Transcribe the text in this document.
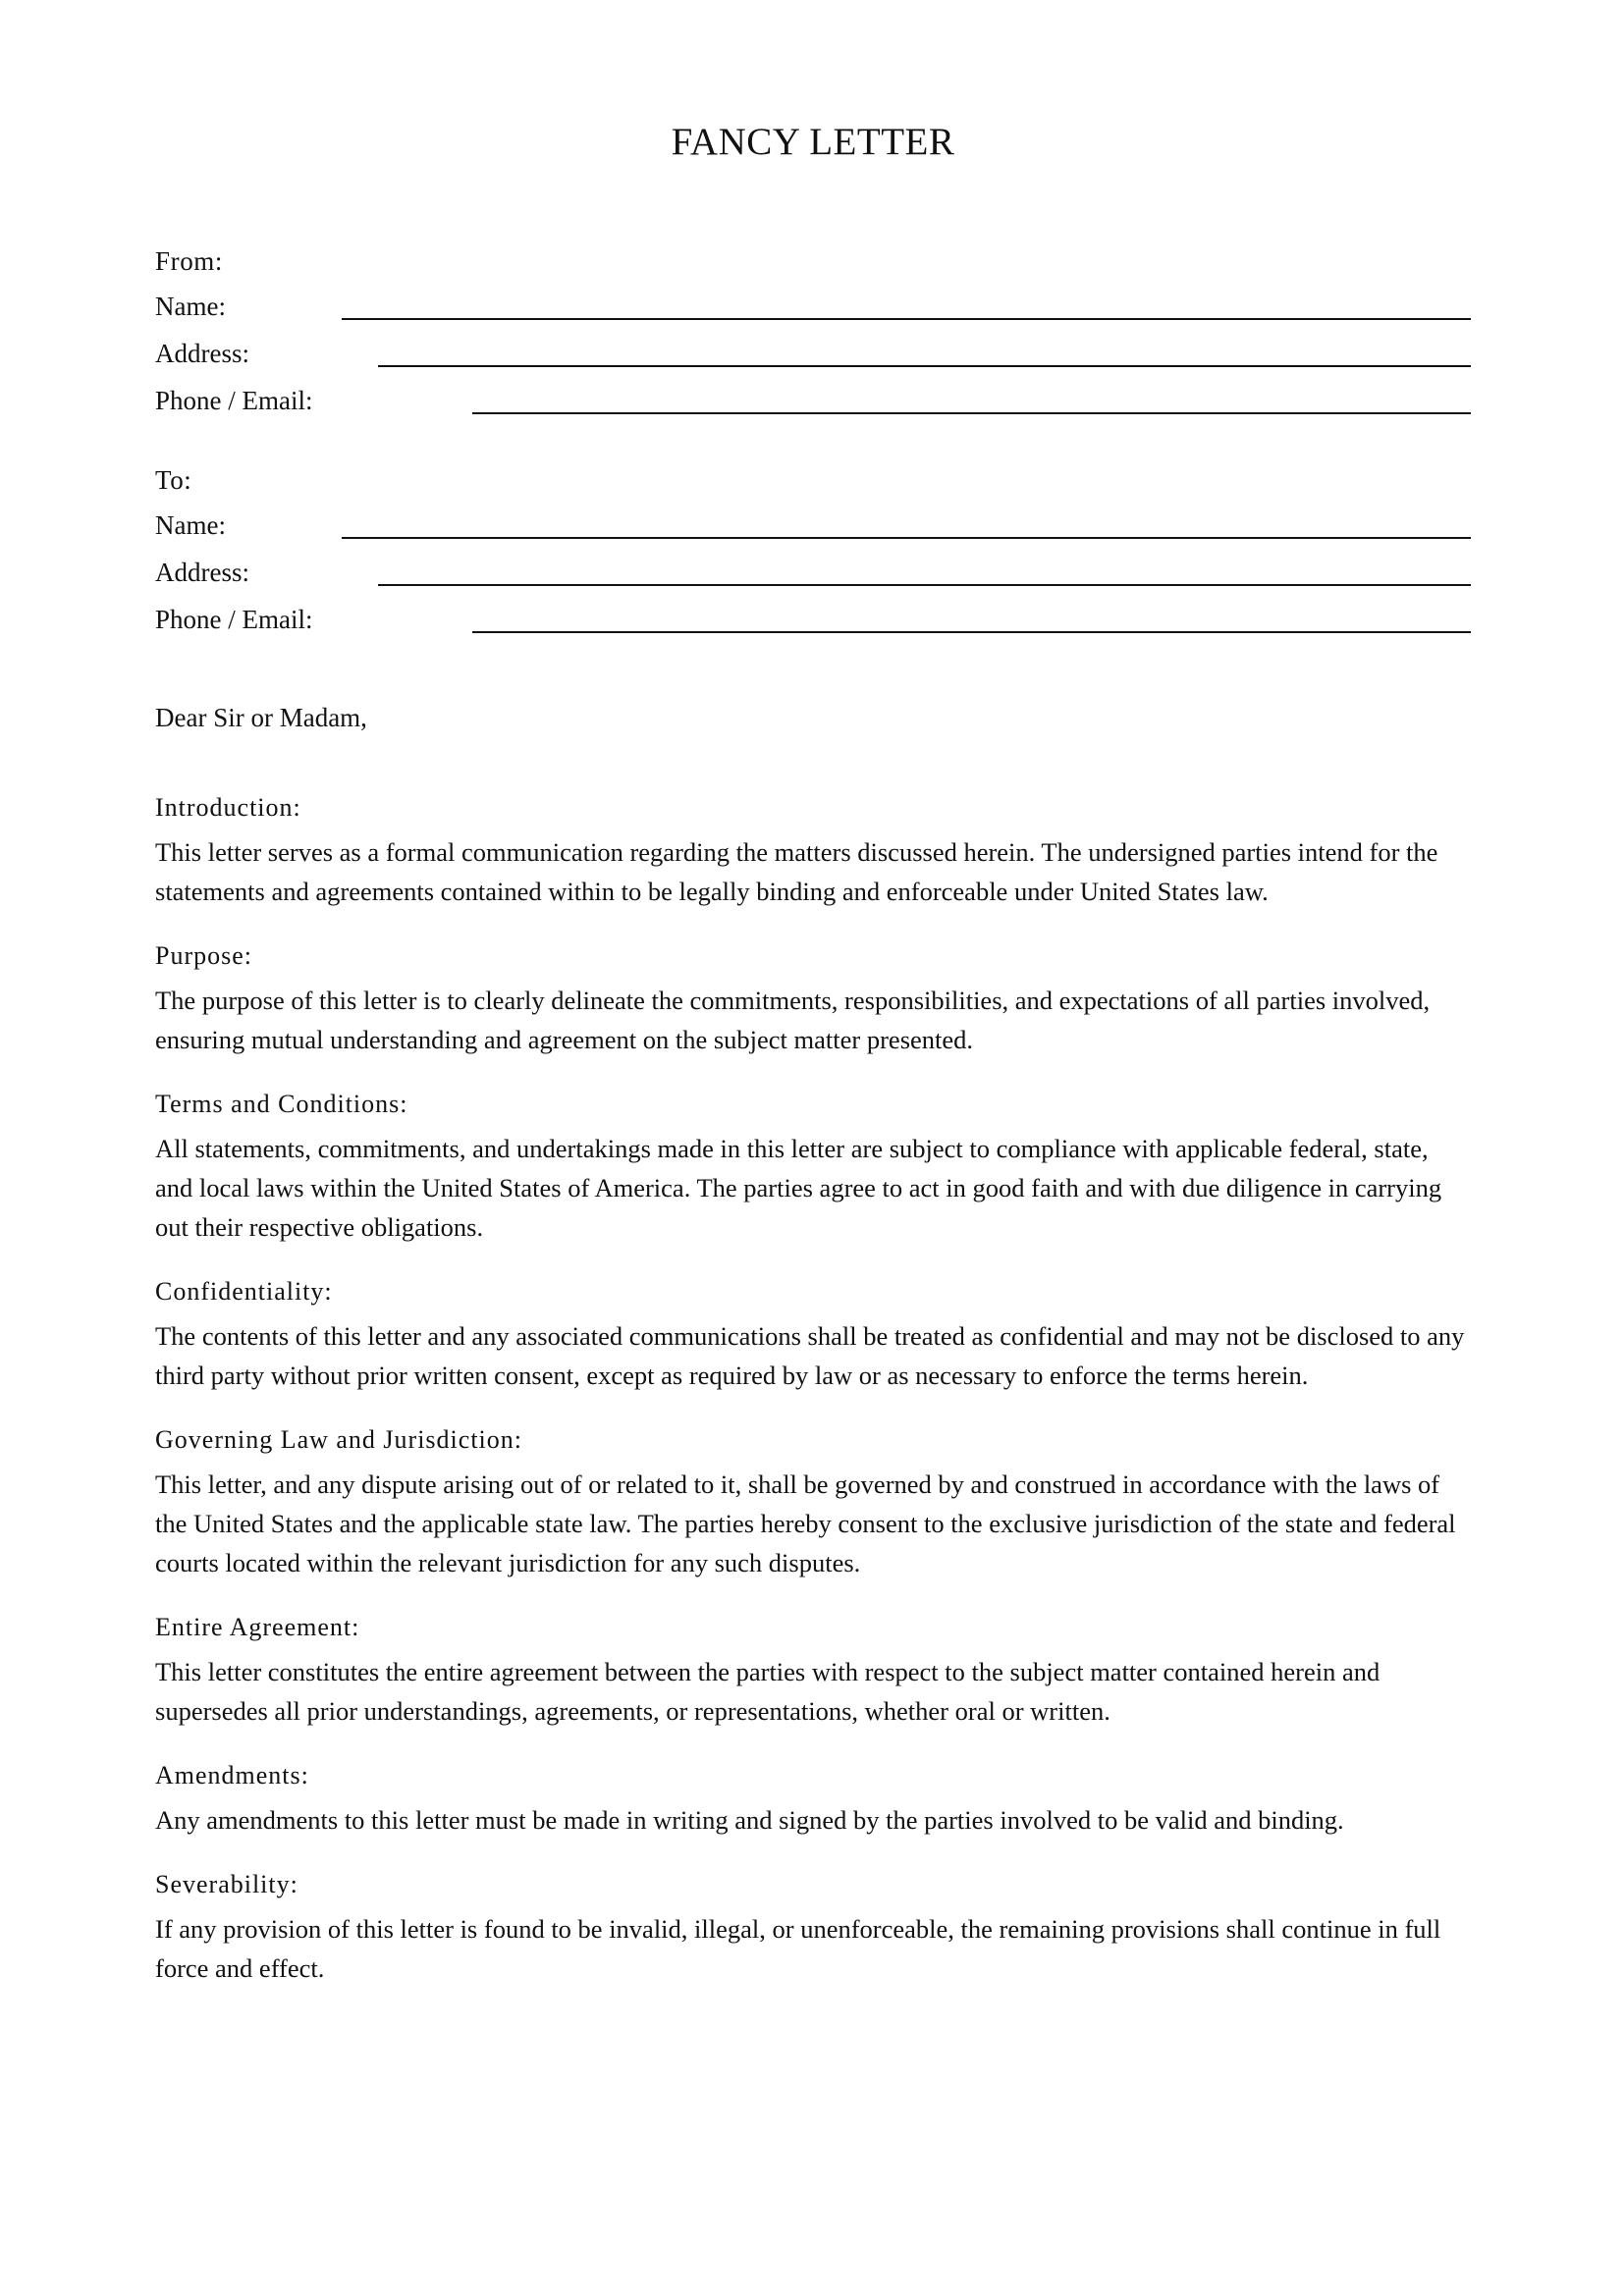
FANCY LETTER

From:

Name:
Address:
Phone / Email:

To:

Name:
Address:
Phone / Email:

Dear Sir or Madam,

Introduction:

This letter serves as a formal communication regarding the matters discussed herein. The undersigned parties intend for the statements and agreements contained within to be legally binding and enforceable under United States law.

Purpose:

The purpose of this letter is to clearly delineate the commitments, responsibilities, and expectations of all parties involved, ensuring mutual understanding and agreement on the subject matter presented.

Terms and Conditions:

All statements, commitments, and undertakings made in this letter are subject to compliance with applicable federal, state, and local laws within the United States of America. The parties agree to act in good faith and with due diligence in carrying out their respective obligations.

Confidentiality:

The contents of this letter and any associated communications shall be treated as confidential and may not be disclosed to any third party without prior written consent, except as required by law or as necessary to enforce the terms herein.

Governing Law and Jurisdiction:

This letter, and any dispute arising out of or related to it, shall be governed by and construed in accordance with the laws of the United States and the applicable state law. The parties hereby consent to the exclusive jurisdiction of the state and federal courts located within the relevant jurisdiction for any such disputes.

Entire Agreement:

This letter constitutes the entire agreement between the parties with respect to the subject matter contained herein and supersedes all prior understandings, agreements, or representations, whether oral or written.

Amendments:

Any amendments to this letter must be made in writing and signed by the parties involved to be valid and binding.

Severability:

If any provision of this letter is found to be invalid, illegal, or unenforceable, the remaining provisions shall continue in full force and effect.
